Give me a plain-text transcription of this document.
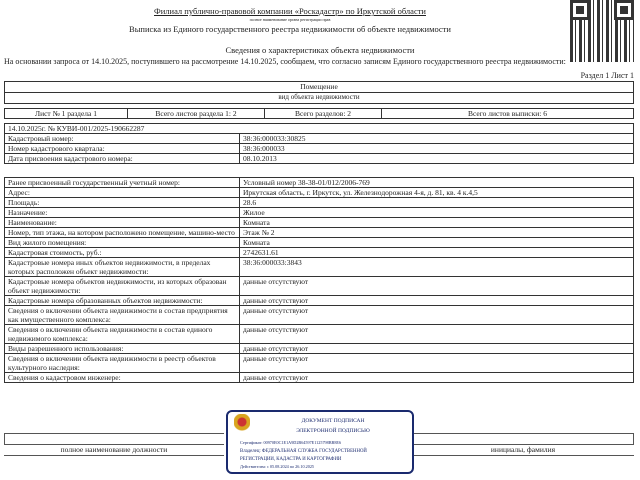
Филиал публично-правовой компании «Роскадастр» по Иркутской области
полное наименование органа регистрации прав
Выписка из Единого государственного реестра недвижимости об объекте недвижимости
Сведения о характеристиках объекта недвижимости
На основании запроса от 14.10.2025, поступившего на рассмотрение 14.10.2025, сообщаем, что согласно записям Единого государственного реестра недвижимости:
Раздел 1 Лист 1
Помещение
вид объекта недвижимости
Лист № 1 раздела 1	Всего листов раздела 1: 2	Всего разделов: 2	Всего листов выписки: 6
14.10.2025г. № КУВИ-001/2025-190662287	
Кадастровый номер:	38:36:000033:30825
Номер кадастрового квартала:	38:36:000033
Дата присвоения кадастрового номера:	08.10.2013
Ранее присвоенный государственный учетный номер:	Условный номер 38-38-01/012/2006-769
Адрес:	Иркутская область, г. Иркутск, ул. Железнодорожная 4-я, д. 81, кв. 4 к.4,5
Площадь:	28.6
Назначение:	Жилое
Наименование:	Комната
Номер, тип этажа, на котором расположено помещение, машино-место	Этаж № 2
Вид жилого помещения:	Комната
Кадастровая стоимость, руб.:	2742631.61
Кадастровые номера иных объектов недвижимости, в пределах которых расположен объект недвижимости:	38:36:000033:3843
Кадастровые номера объектов недвижимости, из которых образован объект недвижимости:	данные отсутствуют
Кадастровые номера образованных объектов недвижимости:	данные отсутствуют
Сведения о включении объекта недвижимости в состав предприятия как имущественного комплекса:	данные отсутствуют
Сведения о включении объекта недвижимости в состав единого недвижимого комплекса:	данные отсутствуют
Виды разрешенного использования:	данные отсутствуют
Сведения о включении объекта недвижимости в реестр объектов культурного наследия:	данные отсутствуют
Сведения о кадастровом инженере:	данные отсутствуют
полное наименование должности	инициалы, фамилия
ДОКУМЕНТ ПОДПИСАН
ЭЛЕКТРОННОЙ ПОДПИСЬЮ
Сертификат: 00970E0C1E1A9D2B64597E1125798BB8E6
Владелец: ФЕДЕРАЛЬНАЯ СЛУЖБА ГОСУДАРСТВЕННОЙ
РЕГИСТРАЦИИ, КАДАСТРА И КАРТОГРАФИИ
Действителен: с 05.08.2024 по 26.10.2025
